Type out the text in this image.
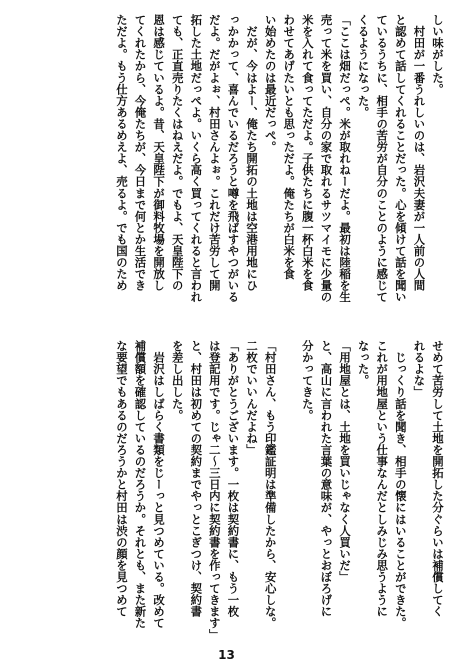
しい味がした。
　村田が一番うれしいのは、岩沢夫妻が一人前の人間
と認めて話してくれることだった。心を傾けて話を聞い
ているうちに、相手の苦労が自分のことのように感じて
くるようになった。
「ここは畑だっぺ。米が取れねーだよ。最初は陸稲を生
売って米を買い、自分の家で取れるサツマイモに少量の
米を入れて食ってただよ。子供たちに腹一杯白米を食
わせてあげたいとも思っただよ。俺たちが白米を食
い始めたのは最近だっぺ。
　だが、今はよー、俺たち開拓の土地は空港用地にひ
っかかって、喜んでいるだろうと噂を飛ばすやつがいる
だよ。だがよぉ、村田さんよぉ。これだけ苦労して開
拓した土地だっぺよ。いくら高く買ってくれると言われ
ても、正直売りたくはねえだよ。でもよ、天皇陛下の
恩は感じているよ。昔、天皇陛下が御料牧場を開放し
てくれたから、今俺たちが、今日まで何とか生活でき
ただよ。もう仕方あるめえよ、売るよ。でも国のため
せめて苦労して土地を開拓した分ぐらいは補償してく
れるよな」
　じっくり話を聞き、相手の懐にはいることができた。
これが用地屋という仕事なんだとしみじみ思うように
なった。
「用地屋とは、土地を買いじゃなく人買いだ」
と、高山に言われた言葉の意味が、やっとおぼろげに
分かってきた。

「村田さん、もう印鑑証明は準備したから、安心しな。
二枚でいいんだよね」
「ありがとうございます。一枚は契約書に、もう一枚
は登記用です。じゃ二〜三日内に契約書を作ってきます」
と、村田は初めての契約までやっとこぎつけ、契約書
を差し出した。
　岩沢はしばらく書類をじーっと見つめている。改めて
補償額を確認しているのだろうか。それとも、また新た
な要望でもあるのだろうかと村田は渋の顔を見つめて
13
